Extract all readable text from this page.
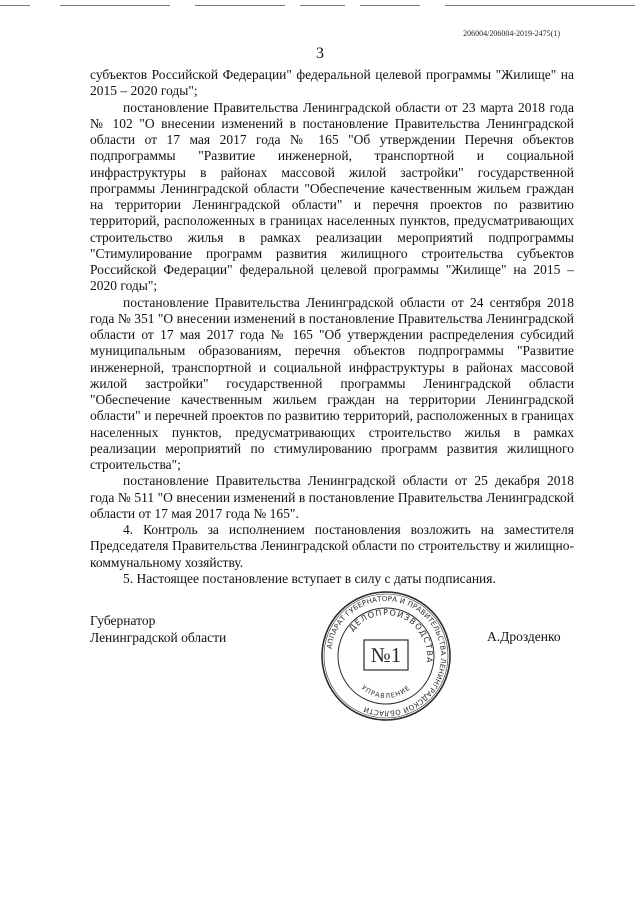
206004/206004-2019-2475(1)
3

субъектов Российской Федерации" федеральной целевой программы "Жилище" на 2015 – 2020 годы";

постановление Правительства Ленинградской области от 23 марта 2018 года № 102 "О внесении изменений в постановление Правительства Ленинградской области от 17 мая 2017 года № 165 "Об утверждении Перечня объектов подпрограммы "Развитие инженерной, транспортной и социальной инфраструктуры в районах массовой жилой застройки" государственной программы Ленинградской области "Обеспечение качественным жильем граждан на территории Ленинградской области" и перечня проектов по развитию территорий, расположенных в границах населенных пунктов, предусматривающих строительство жилья в рамках реализации мероприятий подпрограммы "Стимулирование программ развития жилищного строительства субъектов Российской Федерации" федеральной целевой программы "Жилище" на 2015 – 2020 годы";

постановление Правительства Ленинградской области от 24 сентября 2018 года № 351 "О внесении изменений в постановление Правительства Ленинградской области от 17 мая 2017 года № 165 "Об утверждении распределения субсидий муниципальным образованиям, перечня объектов подпрограммы "Развитие инженерной, транспортной и социальной инфраструктуры в районах массовой жилой застройки" государственной программы Ленинградской области "Обеспечение качественным жильем граждан на территории Ленинградской области" и перечней проектов по развитию территорий, расположенных в границах населенных пунктов, предусматривающих строительство жилья в рамках реализации мероприятий по стимулированию программ развития жилищного строительства";

постановление Правительства Ленинградской области от 25 декабря 2018 года № 511 "О внесении изменений в постановление Правительства Ленинградской области от 17 мая 2017 года № 165".

4. Контроль за исполнением постановления возложить на заместителя Председателя Правительства Ленинградской области по строительству и жилищно-коммунальному хозяйству.

5. Настоящее постановление вступает в силу с даты подписания.

Губернатор
Ленинградской области	А.Дрозденко
АППАРАТ ГУБЕРНАТОРА И ПРАВИТЕЛЬСТВА ЛЕНИНГРАДСКОЙ ОБЛАСТИ
ДЕЛОПРОИЗВОДСТВА
УПРАВЛЕНИЕ
№1
